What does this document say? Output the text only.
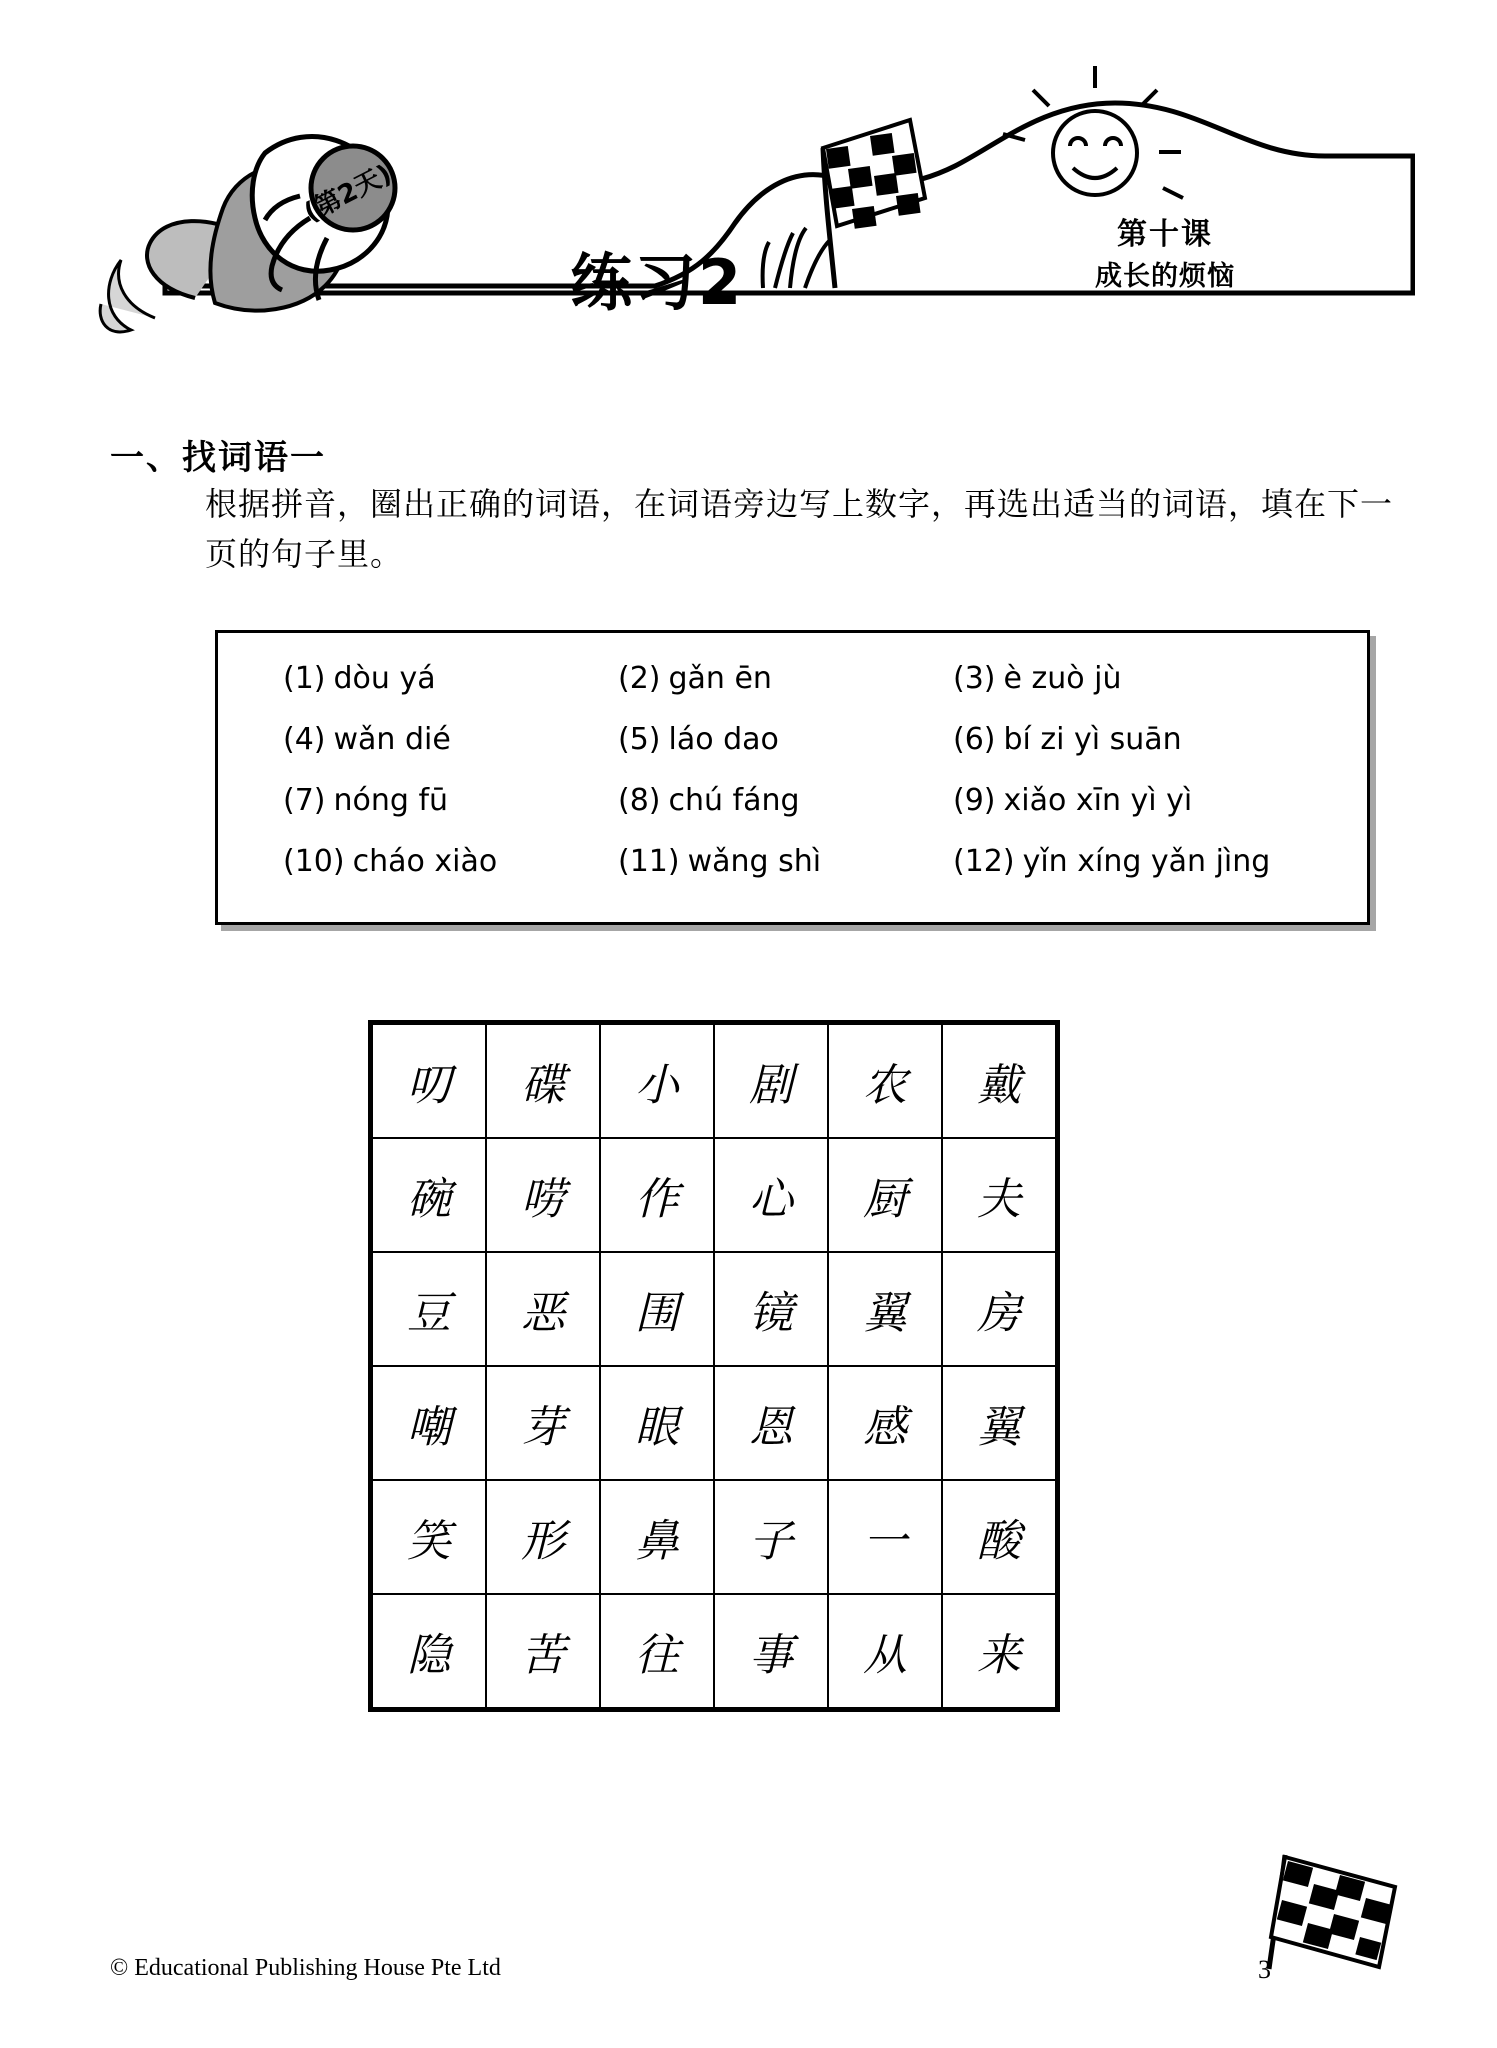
(第2天)
练习2
第十课
成长的烦恼
一、找词语一
根据拼音，圈出正确的词语，在词语旁边写上数字，再选出适当的词语，填在下一页的句子里。
(1) dòu yá	(2) gǎn ēn	(3) è zuò jù
(4) wǎn dié	(5) láo dao	(6) bí zi yì suān
(7) nóng fū	(8) chú fáng	(9) xiǎo xīn yì yì
(10) cháo xiào	(11) wǎng shì	(12) yǐn xíng yǎn jìng
叨	碟	小	剧	农	戴
碗	唠	作	心	厨	夫
豆	恶	围	镜	翼	房
嘲	芽	眼	恩	感	翼
笑	形	鼻	子	一	酸
隐	苦	往	事	从	来
© Educational Publishing House Pte Ltd	3
